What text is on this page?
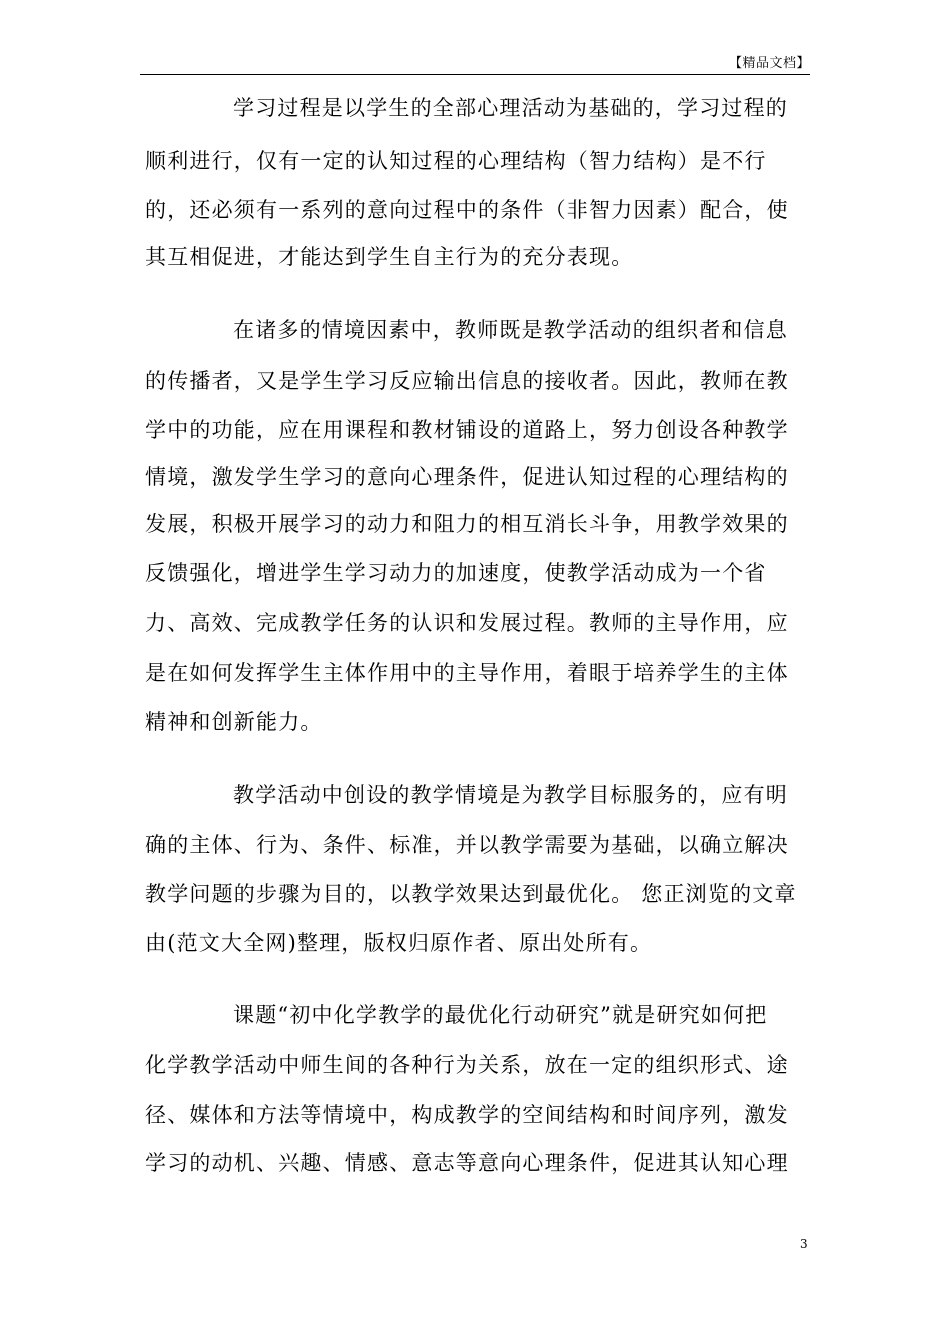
【精品文档】
学习过程是以学生的全部心理活动为基础的，学习过程的
顺利进行，仅有一定的认知过程的心理结构（智力结构）是不行
的，还必须有一系列的意向过程中的条件（非智力因素）配合，使
其互相促进，才能达到学生自主行为的充分表现。
在诸多的情境因素中，教师既是教学活动的组织者和信息
的传播者，又是学生学习反应输出信息的接收者。因此，教师在教
学中的功能，应在用课程和教材铺设的道路上，努力创设各种教学
情境，激发学生学习的意向心理条件，促进认知过程的心理结构的
发展，积极开展学习的动力和阻力的相互消长斗争，用教学效果的
反馈强化，增进学生学习动力的加速度，使教学活动成为一个省
力、高效、完成教学任务的认识和发展过程。教师的主导作用，应
是在如何发挥学生主体作用中的主导作用，着眼于培养学生的主体
精神和创新能力。
教学活动中创设的教学情境是为教学目标服务的，应有明
确的主体、行为、条件、标准，并以教学需要为基础，以确立解决
教学问题的步骤为目的，以教学效果达到最优化。 您正浏览的文章
由(范文大全网)整理，版权归原作者、原出处所有。
课题“初中化学教学的最优化行动研究”就是研究如何把
化学教学活动中师生间的各种行为关系，放在一定的组织形式、途
径、媒体和方法等情境中，构成教学的空间结构和时间序列，激发
学习的动机、兴趣、情感、意志等意向心理条件，促进其认知心理
3
